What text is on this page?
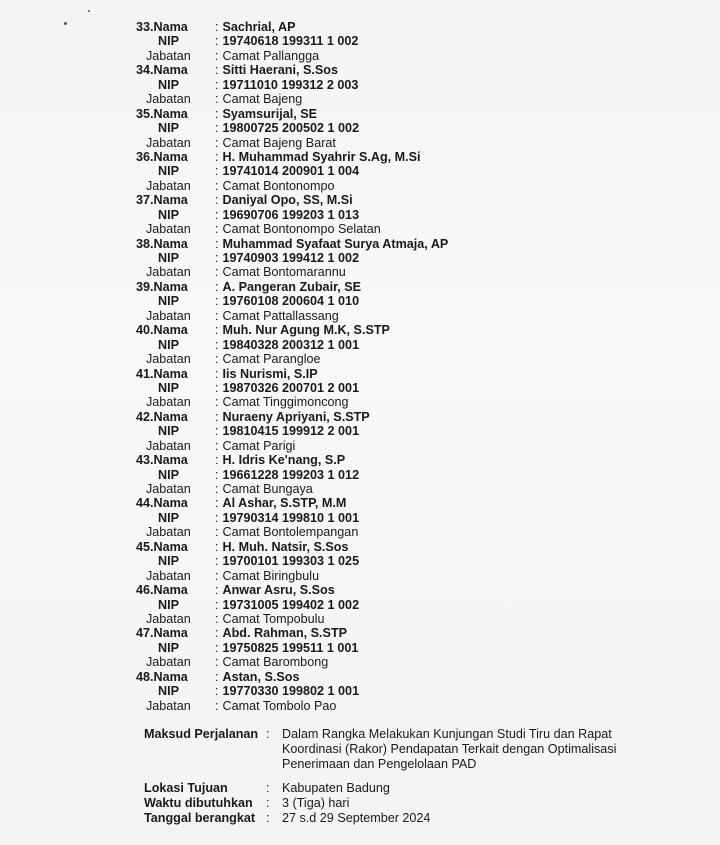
33.Nama	: Sachrial, AP
NIP	: 19740618 199311 1 002
Jabatan	: Camat Pallangga
34.Nama	: Sitti Haerani, S.Sos
NIP	: 19711010 199312 2 003
Jabatan	: Camat Bajeng
35.Nama	: Syamsurijal, SE
NIP	: 19800725 200502 1 002
Jabatan	: Camat Bajeng Barat
36.Nama	: H. Muhammad Syahrir S.Ag, M.Si
NIP	: 19741014 200901 1 004
Jabatan	: Camat Bontonompo
37.Nama	: Daniyal Opo, SS, M.Si
NIP	: 19690706 199203 1 013
Jabatan	: Camat Bontonompo Selatan
38.Nama	: Muhammad Syafaat Surya Atmaja, AP
NIP	: 19740903 199412 1 002
Jabatan	: Camat Bontomarannu
39.Nama	: A. Pangeran Zubair, SE
NIP	: 19760108 200604 1 010
Jabatan	: Camat Pattallassang
40.Nama	: Muh. Nur Agung M.K, S.STP
NIP	: 19840328 200312 1 001
Jabatan	: Camat Parangloe
41.Nama	: Iis Nurismi, S.IP
NIP	: 19870326 200701 2 001
Jabatan	: Camat Tinggimoncong
42.Nama	: Nuraeny Apriyani, S.STP
NIP	: 19810415 199912 2 001
Jabatan	: Camat Parigi
43.Nama	: H. Idris Ke'nang, S.P
NIP	: 19661228 199203 1 012
Jabatan	: Camat Bungaya
44.Nama	: Al Ashar, S.STP, M.M
NIP	: 19790314 199810 1 001
Jabatan	: Camat Bontolempangan
45.Nama	: H. Muh. Natsir, S.Sos
NIP	: 19700101 199303 1 025
Jabatan	: Camat Biringbulu
46.Nama	: Anwar Asru, S.Sos
NIP	: 19731005 199402 1 002
Jabatan	: Camat Tompobulu
47.Nama	: Abd. Rahman, S.STP
NIP	: 19750825 199511 1 001
Jabatan	: Camat Barombong
48.Nama	: Astan, S.Sos
NIP	: 19770330 199802 1 001
Jabatan	: Camat Tombolo Pao
Maksud Perjalanan : Dalam Rangka Melakukan Kunjungan Studi Tiru dan Rapat Koordinasi (Rakor) Pendapatan Terkait dengan Optimalisasi Penerimaan dan Pengelolaan PAD
Lokasi Tujuan	: Kabupaten Badung
Waktu dibutuhkan	: 3 (Tiga) hari
Tanggal berangkat : 27 s.d 29 September 2024
